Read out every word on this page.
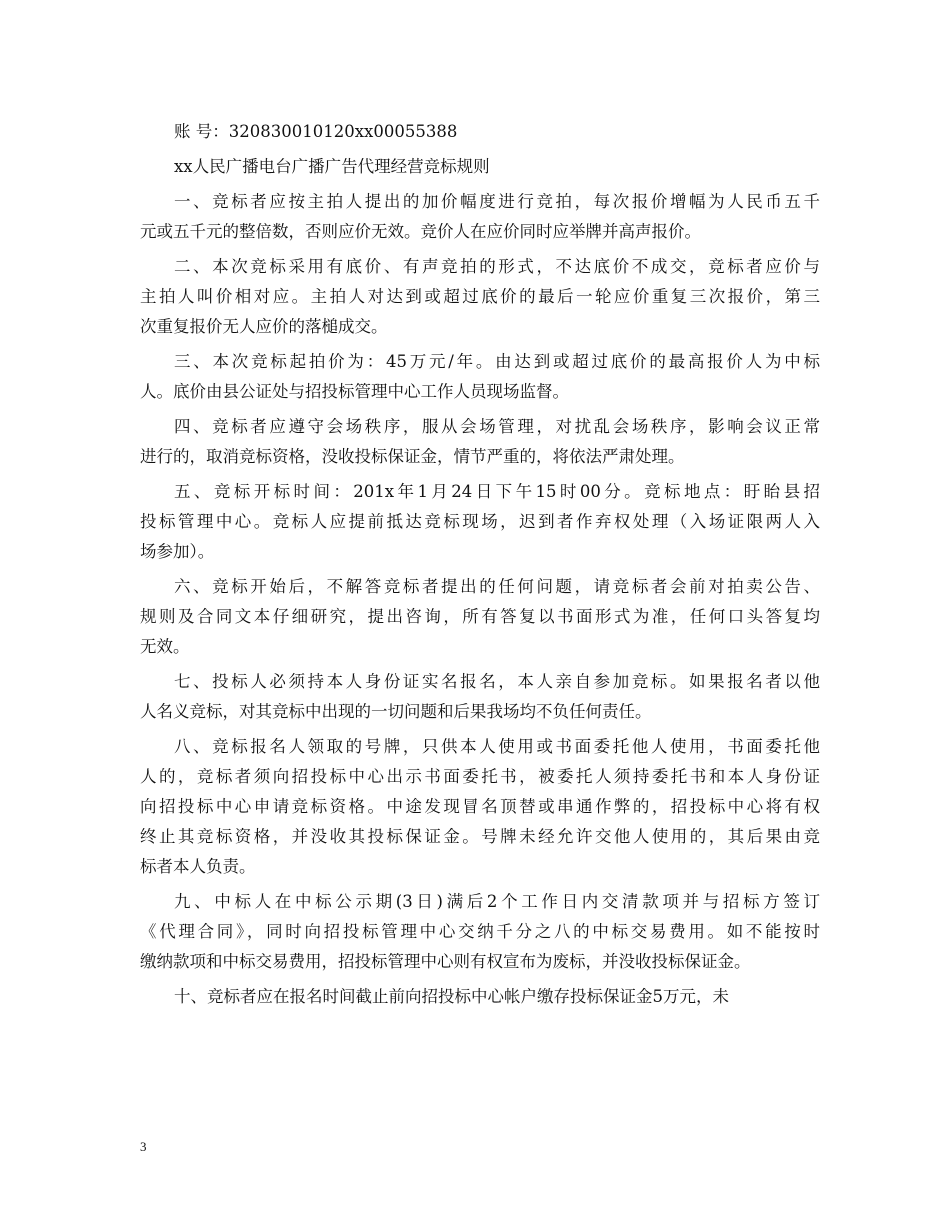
账 号：320830010120xx00055388

xx人民广播电台广播广告代理经营竞标规则

一、竞标者应按主拍人提出的加价幅度进行竞拍，每次报价增幅为人民币五千

元或五千元的整倍数，否则应价无效。竞价人在应价同时应举牌并高声报价。

二、本次竞标采用有底价、有声竞拍的形式，不达底价不成交，竞标者应价与

主拍人叫价相对应。主拍人对达到或超过底价的最后一轮应价重复三次报价，第三

次重复报价无人应价的落槌成交。

三、本次竞标起拍价为：45万元/年。由达到或超过底价的最高报价人为中标

人。底价由县公证处与招投标管理中心工作人员现场监督。

四、竞标者应遵守会场秩序，服从会场管理，对扰乱会场秩序，影响会议正常

进行的，取消竞标资格，没收投标保证金，情节严重的，将依法严肃处理。

五、竞标开标时间：201x年1月24日下午15时00分。竞标地点：盱眙县招

投标管理中心。竞标人应提前抵达竞标现场，迟到者作弃权处理（入场证限两人入

场参加）。

六、竞标开始后，不解答竞标者提出的任何问题，请竞标者会前对拍卖公告、

规则及合同文本仔细研究，提出咨询，所有答复以书面形式为准，任何口头答复均

无效。

七、投标人必须持本人身份证实名报名，本人亲自参加竞标。如果报名者以他

人名义竞标，对其竞标中出现的一切问题和后果我场均不负任何责任。

八、竞标报名人领取的号牌，只供本人使用或书面委托他人使用，书面委托他

人的，竞标者须向招投标中心出示书面委托书，被委托人须持委托书和本人身份证

向招投标中心申请竞标资格。中途发现冒名顶替或串通作弊的，招投标中心将有权

终止其竞标资格，并没收其投标保证金。号牌未经允许交他人使用的，其后果由竞

标者本人负责。

九、中标人在中标公示期(3日)满后2个工作日内交清款项并与招标方签订

《代理合同》，同时向招投标管理中心交纳千分之八的中标交易费用。如不能按时

缴纳款项和中标交易费用，招投标管理中心则有权宣布为废标，并没收投标保证金。

十、竞标者应在报名时间截止前向招投标中心帐户缴存投标保证金5万元，未

3
